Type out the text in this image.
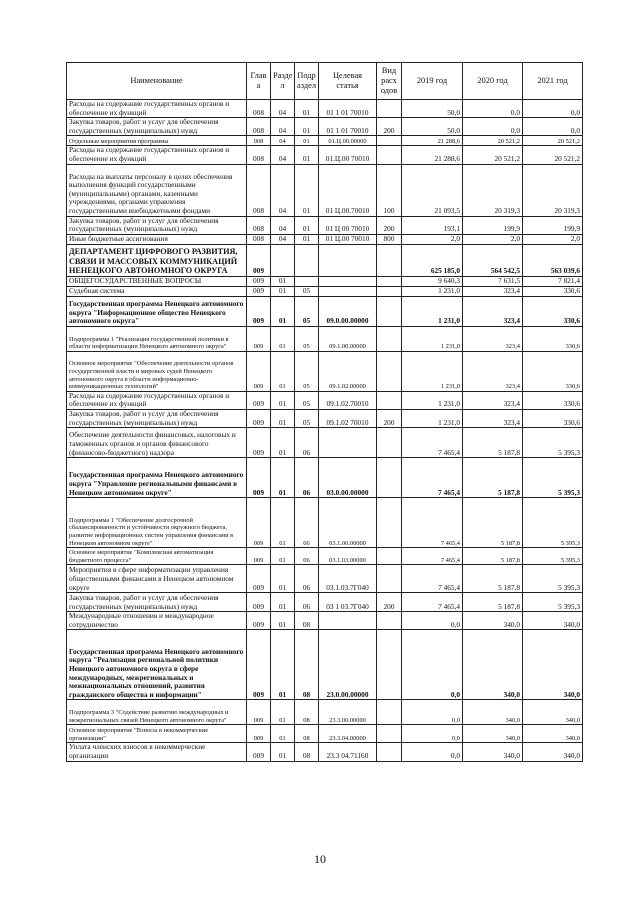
Наименование	Глав а	Разде л	Подр аздел	Целевая статья	Вид расх одов	2019 год	2020 год	2021 год
Расходы на содержание государственных органов и обеспечение их функций	008	04	01	01 1 01 70010		50,0	0,0	0,0
Закупка товаров, работ и услуг для обеспечения государственных (муниципальных) нужд	008	04	01	01 1 01 70010	200	50,0	0,0	0,0
Отдельные мероприятия программы	008	04	01	01.Ц.00.00000		21 288,6	20 521,2	20 521,2
Расходы на содержание государственных органов и обеспечение их функций	008	04	01	01.Ц.00 70010		21 288,6	20 521,2	20 521,2
Расходы на выплаты персоналу в целях обеспечения выполнения функций государственными (муниципальными) органами, казенными учреждениями, органами управления государственными внебюджетными фондами	008	04	01	01 Ц.00.70010	100	21 093,5	20 319,3	20 319,3
Закупка товаров, работ и услуг для обеспечения государственных (муниципальных) нужд	008	04	01	01 Ц 00 70010	200	193,1	199,9	199,9
Иные бюджетные ассигнования	008	04	01	01 Ц.00 70010	800	2,0	2,0	2,0
ДЕПАРТАМЕНТ ЦИФРОВОГО РАЗВИТИЯ, СВЯЗИ И МАССОВЫХ КОММУНИКАЦИЙ НЕНЕЦКОГО АВТОНОМНОГО ОКРУГА	009					625 185,0	564 542,5	563 039,6
ОБЩЕГОСУДАРСТВЕННЫЕ ВОПРОСЫ	009	01				9 640,3	7 631,5	7 821,4
Судебная система	009	01	05			1 231,0	323,4	330,6
Государственная программа Ненецкого автономного округа "Информационное общество Ненецкого автономного округа"	009	01	05	09.0.00.00000		1 231,0	323,4	330,6
Подпрограмма 1 "Реализация государственной политики в области информатизации Ненецкого автономного округа"	009	01	05	09.1.00.00000		1 231,0	323,4	330,6
Основное мероприятие "Обеспечение деятельности органов государственной власти и мировых судей Ненецкого автономного округа в области информационно-коммуникационных технологий"	009	01	05	09.1.02.00000		1 231,0	323,4	330,6
Расходы на содержание государственных органов и обеспечение их функций	009	01	05	09.1.02.70010		1 231,0	323,4	330,6
Закупка товаров, работ и услуг для обеспечения государственных (муниципальных) нужд	009	01	05	09.1.02 70010	200	1 231,0	323,4	330,6
Обеспечение деятельности финансовых, налоговых и таможенных органов и органов финансового (финансово-бюджетного) надзора	009	01	06			7 465,4	5 187,8	5 395,3
Государственная программа Ненецкого автономного округа "Управление региональными финансами в Ненецком автономном округе"	009	01	06	03.0.00.00000		7 465,4	5 187,8	5 395,3
Подпрограмма 1 "Обеспечение долгосрочной сбалансированности и устойчивости окружного бюджета, развитие информационных систем управления финансами в Ненецком автономном округе"	009	01	06	03.1.00.00000		7 465,4	5 187,8	5 395,3
Основное мероприятие "Комплексная автоматизация бюджетного процесса"	009	01	06	03.1.03.00000		7 465,4	5 187,8	5 395,3
Мероприятия в сфере информатизации управления общественными финансами в Ненецком автономном округе	009	01	06	03.1.03.7Г040		7 465,4	5 187,8	5 395,3
Закупка товаров, работ и услуг для обеспечения государственных (муниципальных) нужд	009	01	06	03 1 03.7Г040	200	7 465,4	5 187,8	5 395,3
Международные отношения и международное сотрудничество	009	01	08			0,0	340,0	340,0
Государственная программа Ненецкого автономного округа "Реализация региональной политики Ненецкого автономного округа в сфере международных, межрегиональных и межнациональных отношений, развития гражданского общества и информации"	009	01	08	23.0.00.00000		0,0	340,0	340,0
Подпрограмма 3 "Содействие развитию международных и межрегиональных связей Ненецкого автономного округа"	009	01	08	23.3.00.00000		0,0	340,0	340,0
Основное мероприятие "Взносы в некоммерческие организации"	009	01	08	23.3.04.00000		0,0	340,0	340,0
Уплата членских взносов в некоммерческие организации	009	01	08	23.3 04.71160		0,0	340,0	340,0
10
